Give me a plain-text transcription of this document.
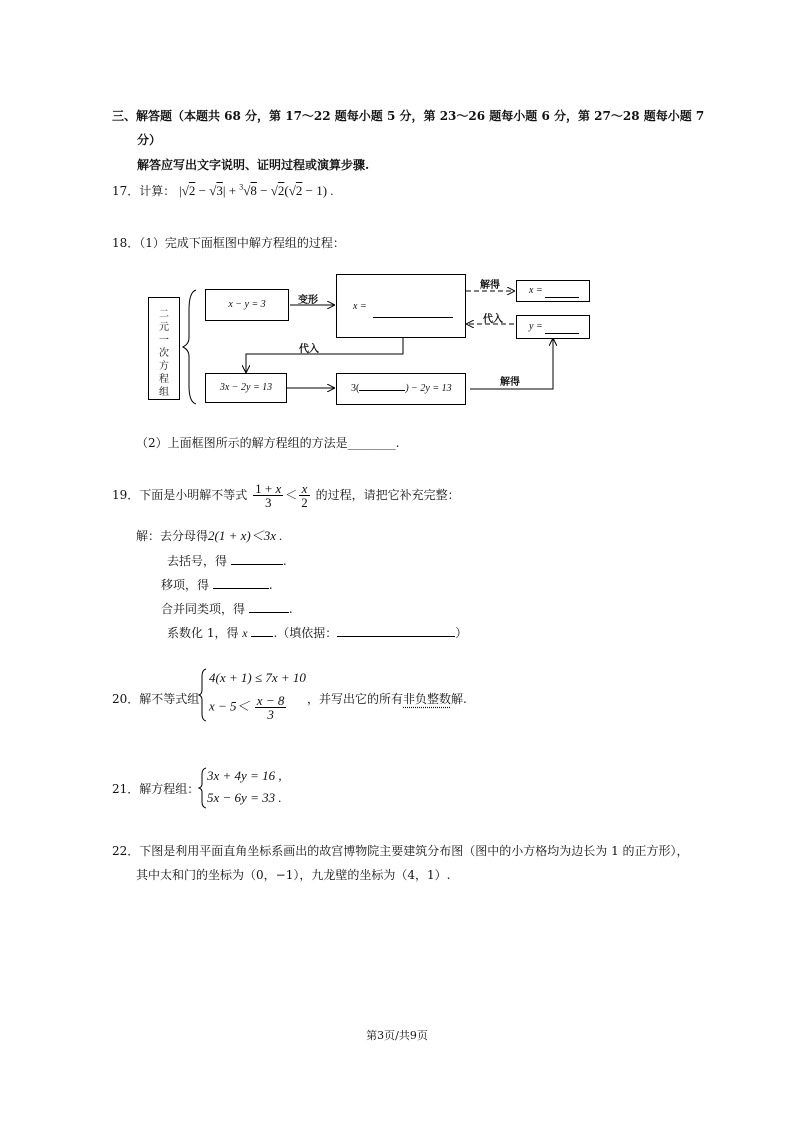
三、解答题（本题共 68 分，第 17～22 题每小题 5 分，第 23～26 题每小题 6 分，第 27～28 题每小题 7
分）
解答应写出文字说明、证明过程或演算步骤.
17．计算： |√2 − √3| + $^3$√8 − √2(√2 − 1) .
18．（1）完成下面框图中解方程组的过程：
二
元
一
次
方
程
组
x − y = 3	变形
x =
解得
代入
x =
y =
代入
3x − 2y = 13	3(	) − 2y = 13
解得
（2）上面框图所示的解方程组的方法是________.
19．下面是小明解不等式 $\frac{1 + x}{3} < \frac{x}{2}$ 的过程，请把它补充完整：
解：去分母得2(1 + x)＜3x .
去括号，得	.
移项，得	.
合并同类项，得	.
系数化 1，得 x .（填依据：	）
20．解不等式组
4(x + 1) ≤ 7x + 10
$x - 5< \frac{x - 8}{3}$ ，并写出它的所有非负整数解.
21．解方程组：
3x + 4y = 16 ,
5x − 6y = 33 .
22．下图是利用平面直角坐标系画出的故宫博物院主要建筑分布图（图中的小方格均为边长为 1 的正方形），
其中太和门的坐标为（0，−1），九龙壁的坐标为（4，1）.
第3页/共9页
